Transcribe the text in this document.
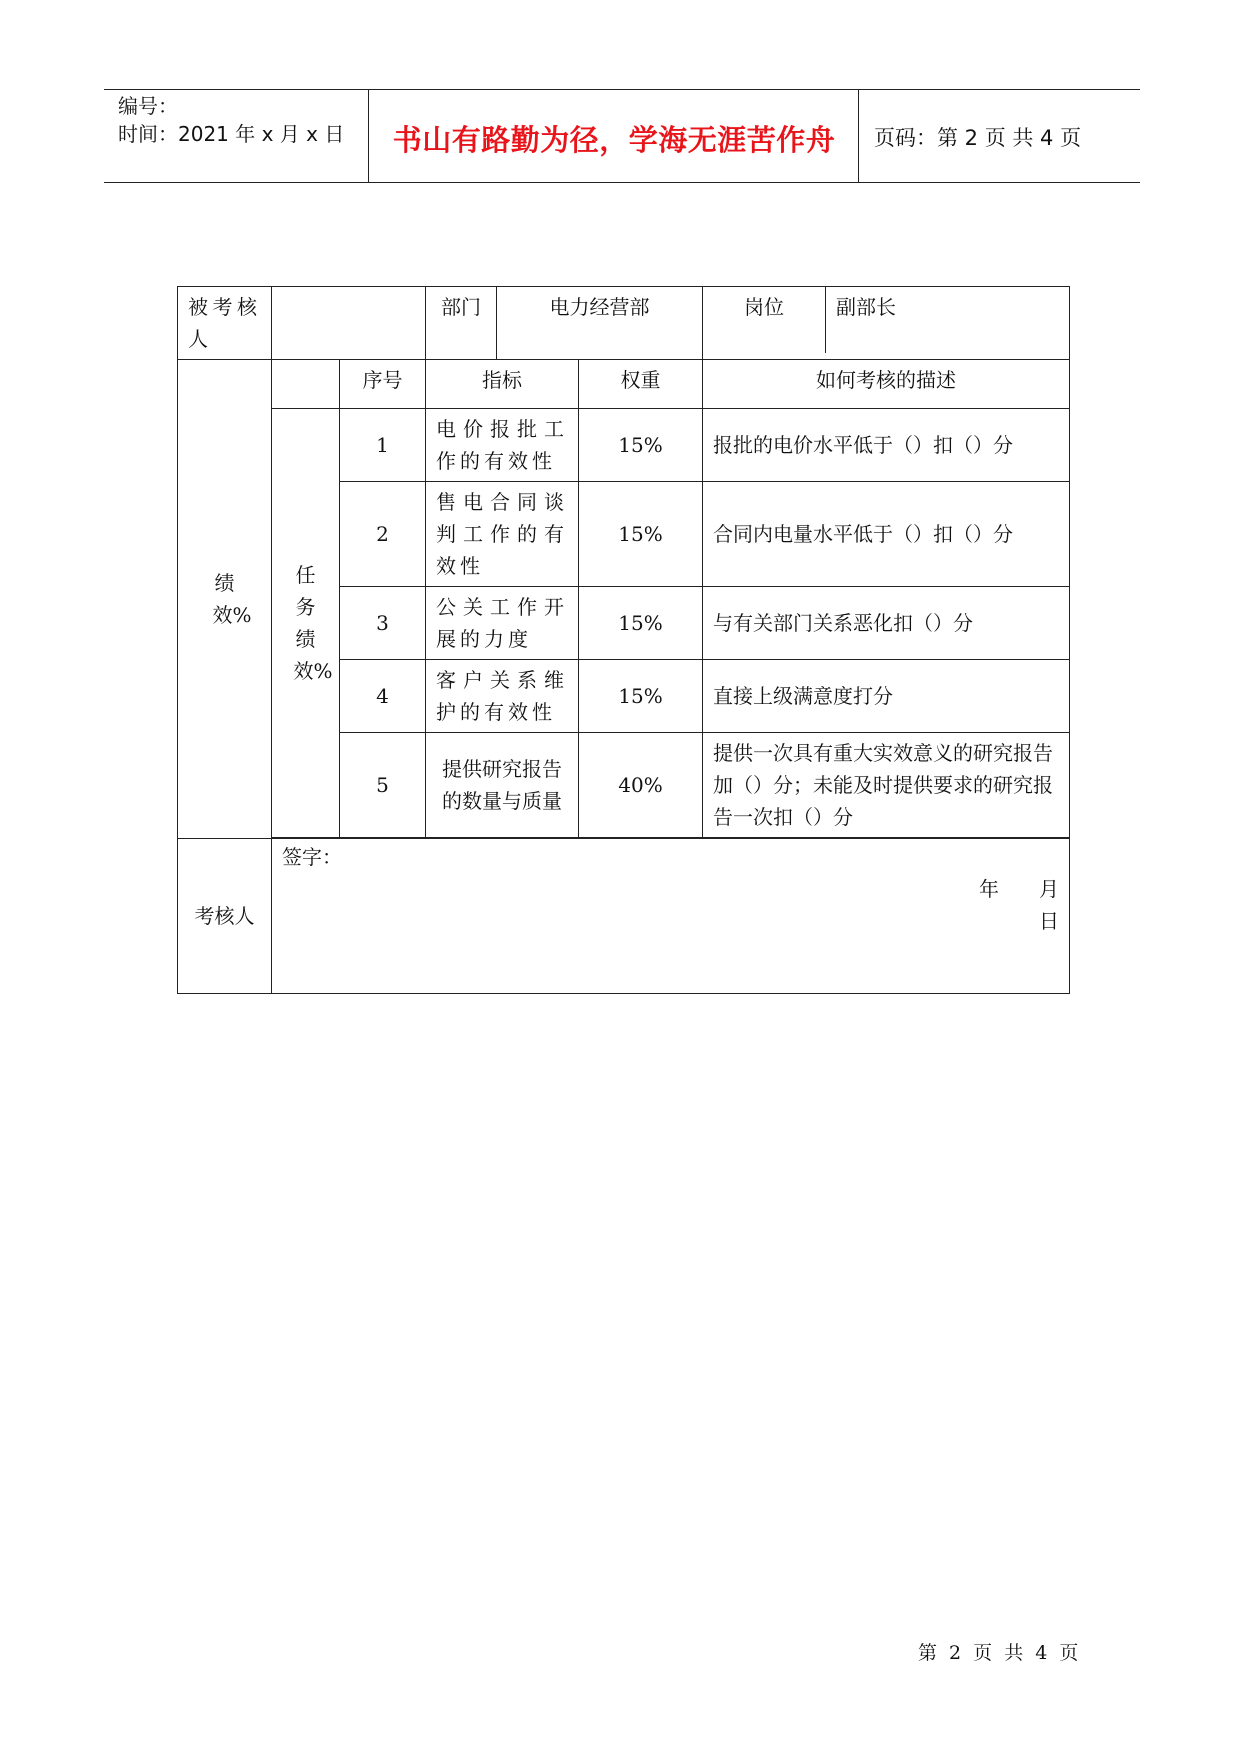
编号：
时间：2021 年 x 月 x 日	书山有路勤为径，学海无涯苦作舟	页码：第 2 页 共 4 页
被考核人			部门	电力经营部		岗位 副部长

绩效%		序号	指标		权重	如何考核的描述

	任务绩效%	1	电价报批工作的有效性		15%	报批的电价水平低于（）扣（）分
		2	售电合同谈判工作的有效性		15%	合同内电量水平低于（）扣（）分
		3	公关工作开展的力度		15%	与有关部门关系恶化扣（）分
		4	客户关系维护的有效性		15%	直接上级满意度打分
		5	提供研究报告的数量与质量		40%	提供一次具有重大实效意义的研究报告加（）分；未能及时提供要求的研究报告一次扣（）分

考核人	签字：
年　　月
日					
第 2 页 共 4 页
